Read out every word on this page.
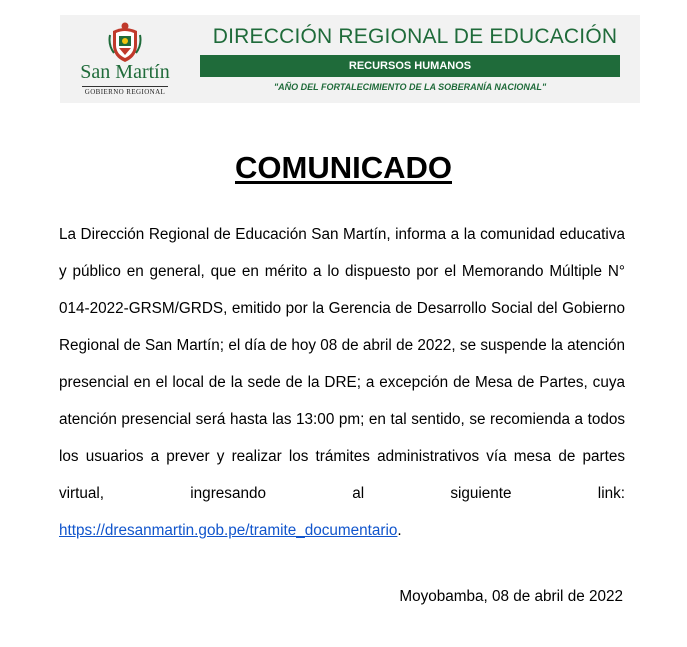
San Martín
GOBIERNO REGIONAL
DIRECCIÓN REGIONAL DE EDUCACIÓN
RECURSOS HUMANOS
"AÑO DEL FORTALECIMIENTO DE LA SOBERANÍA NACIONAL"
COMUNICADO

La Dirección Regional de Educación San Martín, informa a la comunidad educativa y público en general, que en mérito a lo dispuesto por el Memorando Múltiple N° 014-2022-GRSM/GRDS, emitido por la Gerencia de Desarrollo Social del Gobierno Regional de San Martín; el día de hoy 08 de abril de 2022, se suspende la atención presencial en el local de la sede de la DRE; a excepción de Mesa de Partes, cuya atención presencial será hasta las 13:00 pm; en tal sentido, se recomienda a todos los usuarios a prever y realizar los trámites administrativos vía mesa de partes virtual, ingresando al siguiente link: https://dresanmartin.gob.pe/tramite_documentario.

Moyobamba, 08 de abril de 2022
